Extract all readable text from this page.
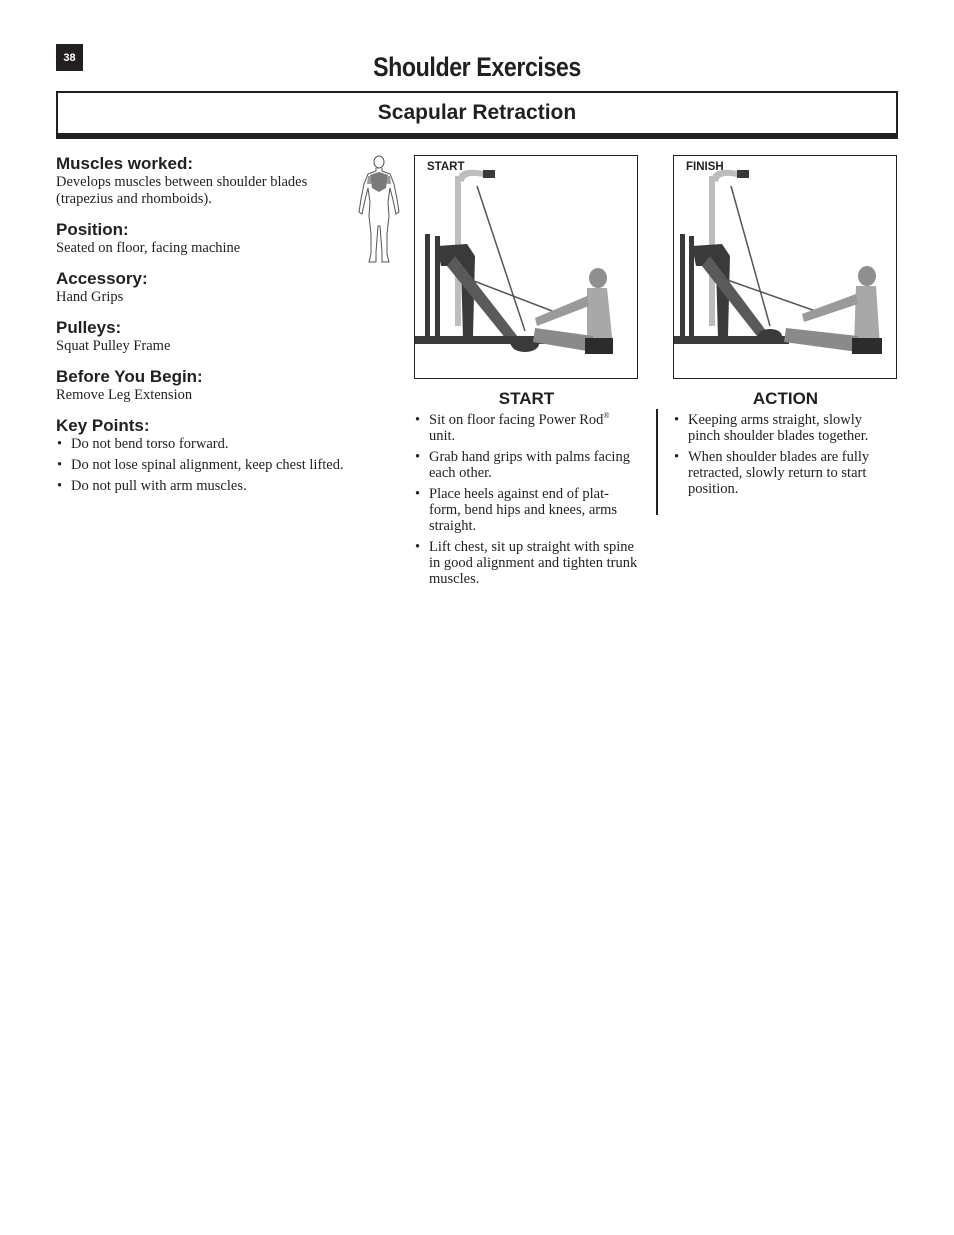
38	Shoulder Exercises
Scapular Retraction

Muscles worked:

Develops muscles between shoulder blades (trapezius and rhomboids).

Position:

Seated on floor, facing machine

Accessory:

Hand Grips

Pulleys:

Squat Pulley Frame

Before You Begin:

Remove Leg Extension

Key Points:

• Do not bend torso forward.
• Do not lose spinal alignment, keep chest lifted.
• Do not pull with arm muscles.
START	FINISH
START
• Sit on floor facing Power Rod® unit.
• Grab hand grips with palms facing each other.
• Place heels against end of plat-form, bend hips and knees, arms straight.
• Lift chest, sit up straight with spine in good alignment and tighten trunk muscles.
ACTION
• Keeping arms straight, slowly pinch shoulder blades together.
• When shoulder blades are fully retracted, slowly return to start position.
